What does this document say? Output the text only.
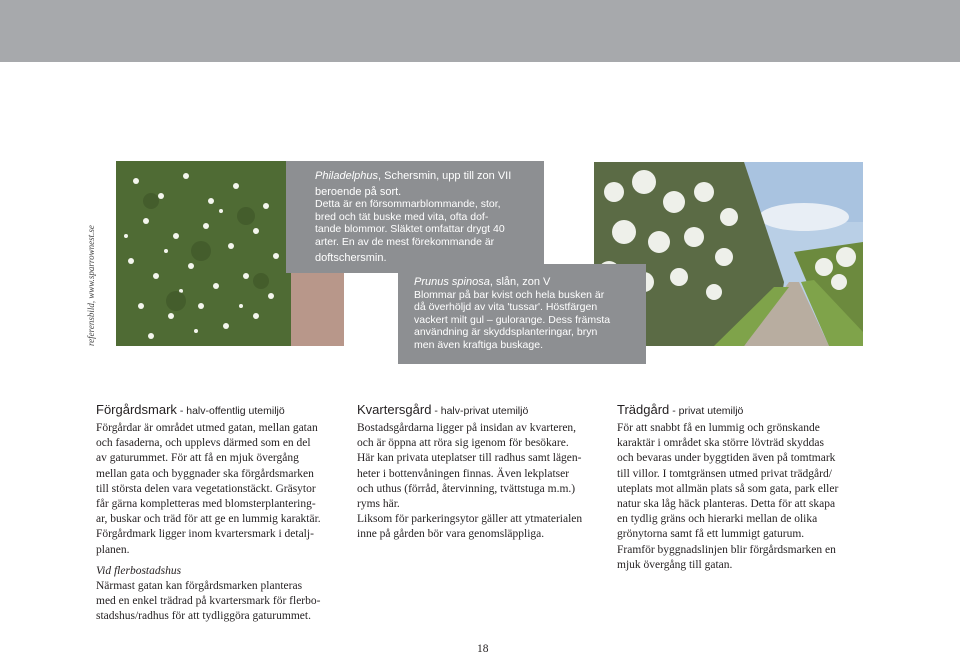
referensbild, www.sparrownest.se

Philadelphus, Schersmin, upp till zon VII

beroende på sort.

Detta är en försommarblommande, stor,

bred och tät buske med vita, ofta dof-

tande blommor. Släktet omfattar drygt 40

arter. En av de mest förekommande är

doftschersmin.

Prunus spinosa, slån, zon V

Blommar på bar kvist och hela busken är

då överhöljd av vita 'tussar'. Höstfärgen

vackert milt gul – gulorange. Dess främsta

användning är skyddsplanteringar, bryn

men även kraftiga buskage.

Förgårdsmark - halv-offentlig utemiljö

Förgårdar är området utmed gatan, mellan gatan

och fasaderna, och upplevs därmed som en del

av gaturummet. För att få en mjuk övergång

mellan gata och byggnader ska förgårdsmarken

till största delen vara vegetationstäckt. Gräsytor

får gärna kompletteras med blomsterplantering-

ar, buskar och träd för att ge en lummig karaktär.

Förgårdmark ligger inom kvartersmark i detalj-

planen.

Vid flerbostadshus

Närmast gatan kan förgårdsmarken planteras

med en enkel trädrad på kvartersmark för flerbo-

stadshus/radhus för att tydliggöra gaturummet.

Kvartersgård - halv-privat utemiljö

Bostadsgårdarna ligger på insidan av kvarteren,

och är öppna att röra sig igenom för besökare.

Här kan privata uteplatser till radhus samt lägen-

heter i bottenvåningen finnas. Även lekplatser

och uthus (förråd, återvinning, tvättstuga m.m.)

ryms här.

Liksom för parkeringsytor gäller att ytmaterialen

inne på gården bör vara genomsläppliga.

Trädgård - privat utemiljö

För att snabbt få en lummig och grönskande

karaktär i området ska större lövträd skyddas

och bevaras under byggtiden även på tomtmark

till villor. I tomtgränsen utmed privat trädgård/

uteplats mot allmän plats så som gata, park eller

natur ska låg häck planteras. Detta för att skapa

en tydlig gräns och hierarki mellan de olika

grönytorna samt få ett lummigt gaturum.

Framför byggnadslinjen blir förgårdsmarken en

mjuk övergång till gatan.

18
